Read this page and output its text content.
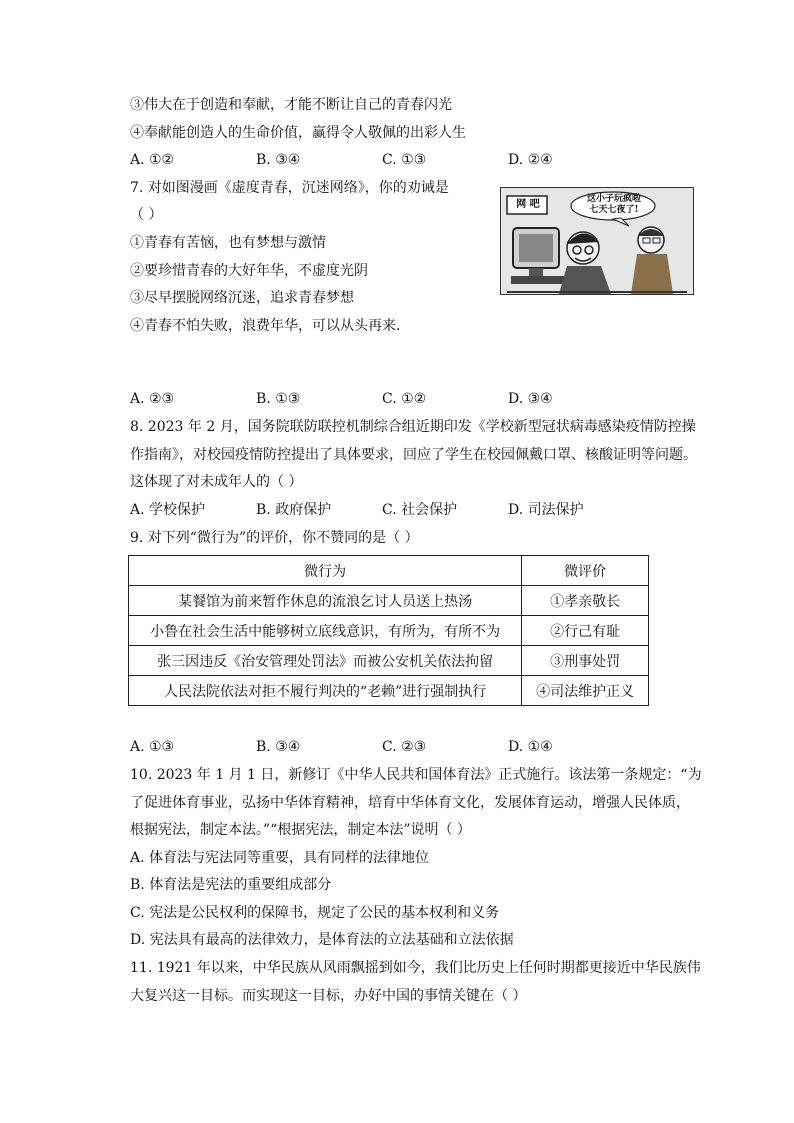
③伟大在于创造和奉献，才能不断让自己的青春闪光
④奉献能创造人的生命价值，赢得令人敬佩的出彩人生
A. ①②	B. ③④	C. ①③	D. ②④
7. 对如图漫画《虚度青春，沉迷网络》，你的劝诫是
（ ）
①青春有苦恼，也有梦想与激情
②要珍惜青春的大好年华，不虚度光阴
③尽早摆脱网络沉迷，追求青春梦想
④青春不怕失败，浪费年华，可以从头再来．
网 吧	这小子玩疯啦
七天七夜了!
A. ②③	B. ①③	C. ①②	D. ③④
8. 2023 年 2 月，国务院联防联控机制综合组近期印发《学校新型冠状病毒感染疫情防控操
作指南》，对校园疫情防控提出了具体要求，回应了学生在校园佩戴口罩、核酸证明等问题。
这体现了对未成年人的（ ）
A. 学校保护	B. 政府保护	C. 社会保护	D. 司法保护
9. 对下列“微行为”的评价，你不赞同的是（ ）
微行为	微评价
某餐馆为前来暂作休息的流浪乞讨人员送上热汤	①孝亲敬长
小鲁在社会生活中能够树立底线意识，有所为，有所不为	②行己有耻
张三因违反《治安管理处罚法》而被公安机关依法拘留	③刑事处罚
人民法院依法对拒不履行判决的“老赖”进行强制执行	④司法维护正义
A. ①③	B. ③④	C. ②③	D. ①④
10. 2023 年 1 月 1 日，新修订《中华人民共和国体育法》正式施行。该法第一条规定：“为
了促进体育事业，弘扬中华体育精神，培育中华体育文化，发展体育运动，增强人民体质，
根据宪法，制定本法。”“根据宪法，制定本法”说明（ ）
A. 体育法与宪法同等重要，具有同样的法律地位
B. 体育法是宪法的重要组成部分
C. 宪法是公民权利的保障书，规定了公民的基本权利和义务
D. 宪法具有最高的法律效力，是体育法的立法基础和立法依据
11. 1921 年以来，中华民族从风雨飘摇到如今，我们比历史上任何时期都更接近中华民族伟
大复兴这一目标。而实现这一目标，办好中国的事情关键在（ ）
